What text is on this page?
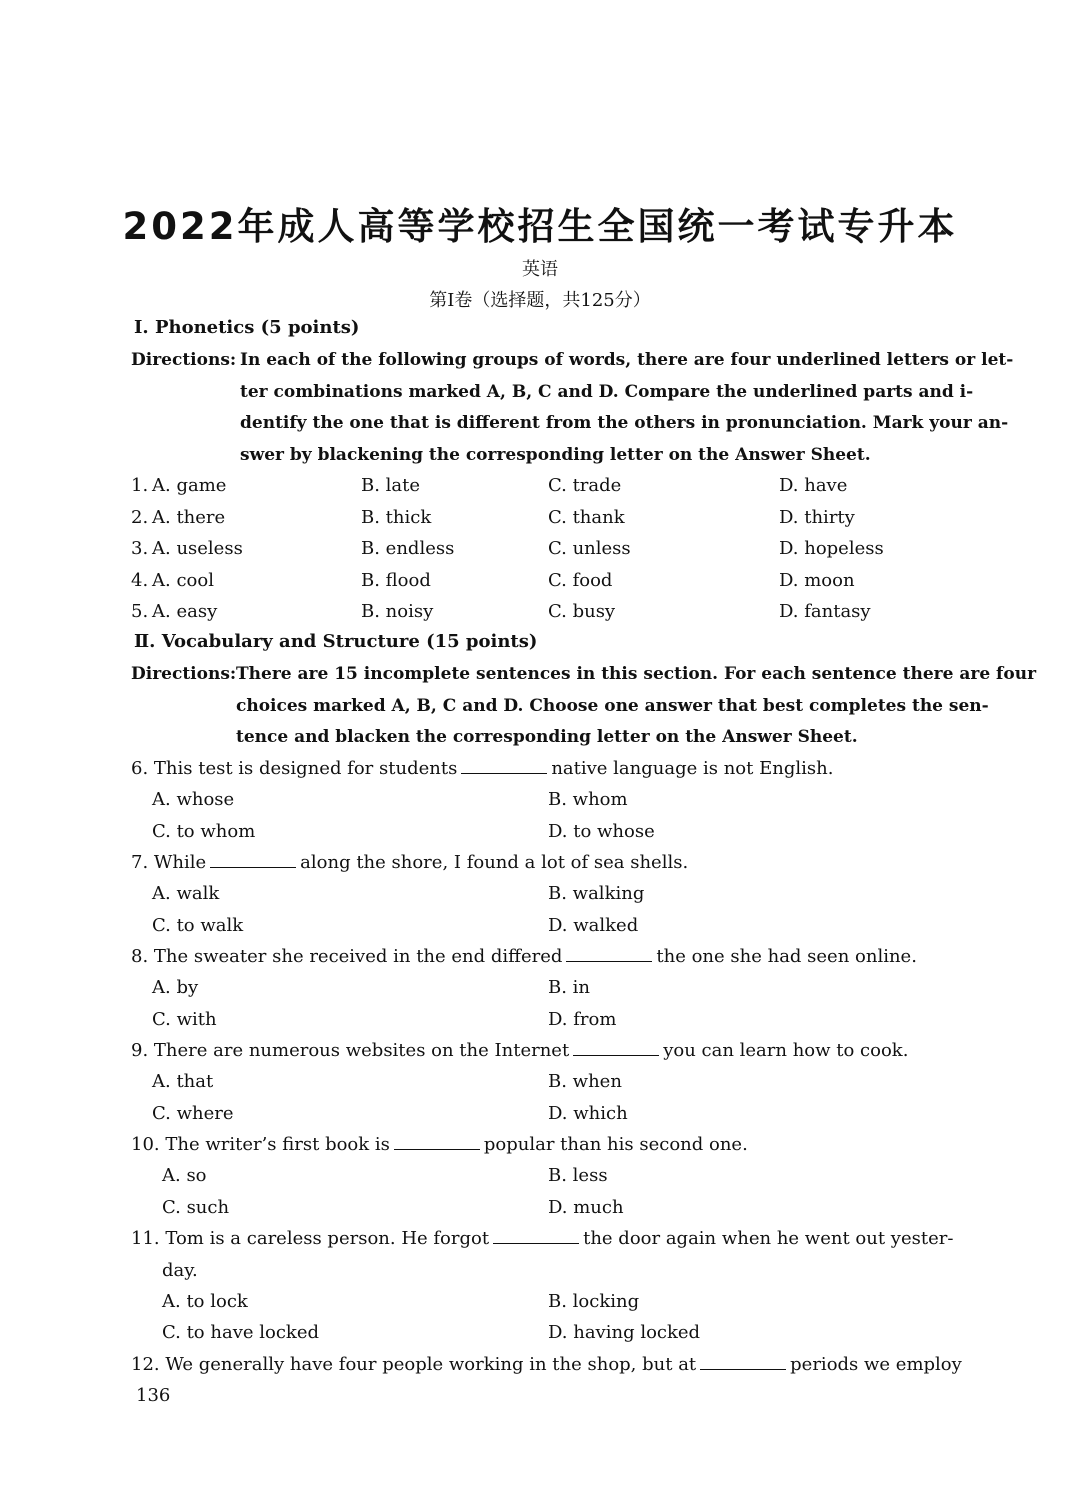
2022年成人高等学校招生全国统一考试专升本
英语
第Ⅰ卷（选择题，共125分）
Ⅰ. Phonetics (5 points)
Directions: In each of the following groups of words, there are four underlined letters or let-
ter combinations marked A, B, C and D. Compare the underlined parts and i-
dentify the one that is different from the others in pronunciation. Mark your an-
swer by blackening the corresponding letter on the Answer Sheet.
1. A. game	B. late	C. trade	D. have
2. A. there	B. thick	C. thank	D. thirty
3. A. useless	B. endless	C. unless	D. hopeless
4. A. cool	B. flood	C. food	D. moon
5. A. easy	B. noisy	C. busy	D. fantasy
Ⅱ. Vocabulary and Structure (15 points)
Directions: There are 15 incomplete sentences in this section. For each sentence there are four
choices marked A, B, C and D. Choose one answer that best completes the sen-
tence and blacken the corresponding letter on the Answer Sheet.
6. This test is designed for students	native language is not English.
A. whose	B. whom
C. to whom	D. to whose
7. While	along the shore, I found a lot of sea shells.
A. walk	B. walking
C. to walk	D. walked
8. The sweater she received in the end differed	the one she had seen online.
A. by	B. in
C. with	D. from
9. There are numerous websites on the Internet	you can learn how to cook.
A. that	B. when
C. where	D. which
10. The writer’s first book is	popular than his second one.
A. so	B. less
C. such	D. much
11. Tom is a careless person. He forgot	the door again when he went out yester-
day.
A. to lock	B. locking
C. to have locked	D. having locked
12. We generally have four people working in the shop, but at	periods we employ
136
